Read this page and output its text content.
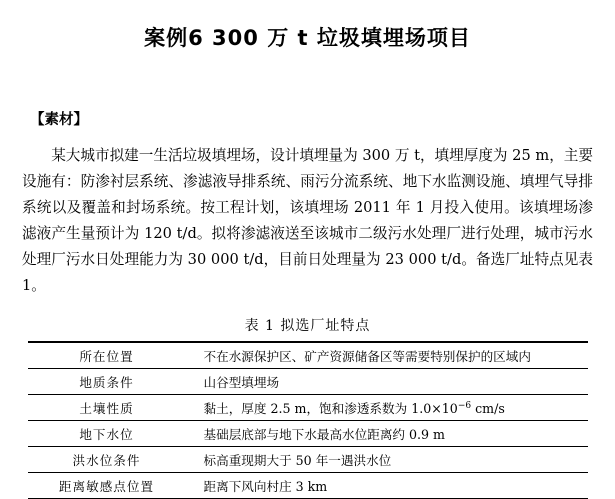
案例6 300 万 t 垃圾填埋场项目
【素材】
某大城市拟建一生活垃圾填埋场，设计填埋量为 300 万 t，填埋厚度为 25 m，主要设施有：防渗衬层系统、渗滤液导排系统、雨污分流系统、地下水监测设施、填埋气导排系统以及覆盖和封场系统。按工程计划，该填埋场 2011 年 1 月投入使用。该填埋场渗滤液产生量预计为 120 t/d。拟将渗滤液送至该城市二级污水处理厂进行处理，城市污水处理厂污水日处理能力为 30 000 t/d，目前日处理量为 23 000 t/d。备选厂址特点见表 1。
表 1 拟选厂址特点
所在位置	不在水源保护区、矿产资源储备区等需要特别保护的区域内
地质条件	山谷型填埋场
土壤性质	黏土，厚度 2.5 m，饱和渗透系数为 $1.0\times 10^{-6}$ cm/s
地下水位	基础层底部与地下水最高水位距离约 0.9 m
洪水位条件	标高重现期大于 50 年一遇洪水位
距离敏感点位置	距离下风向村庄 3 km
